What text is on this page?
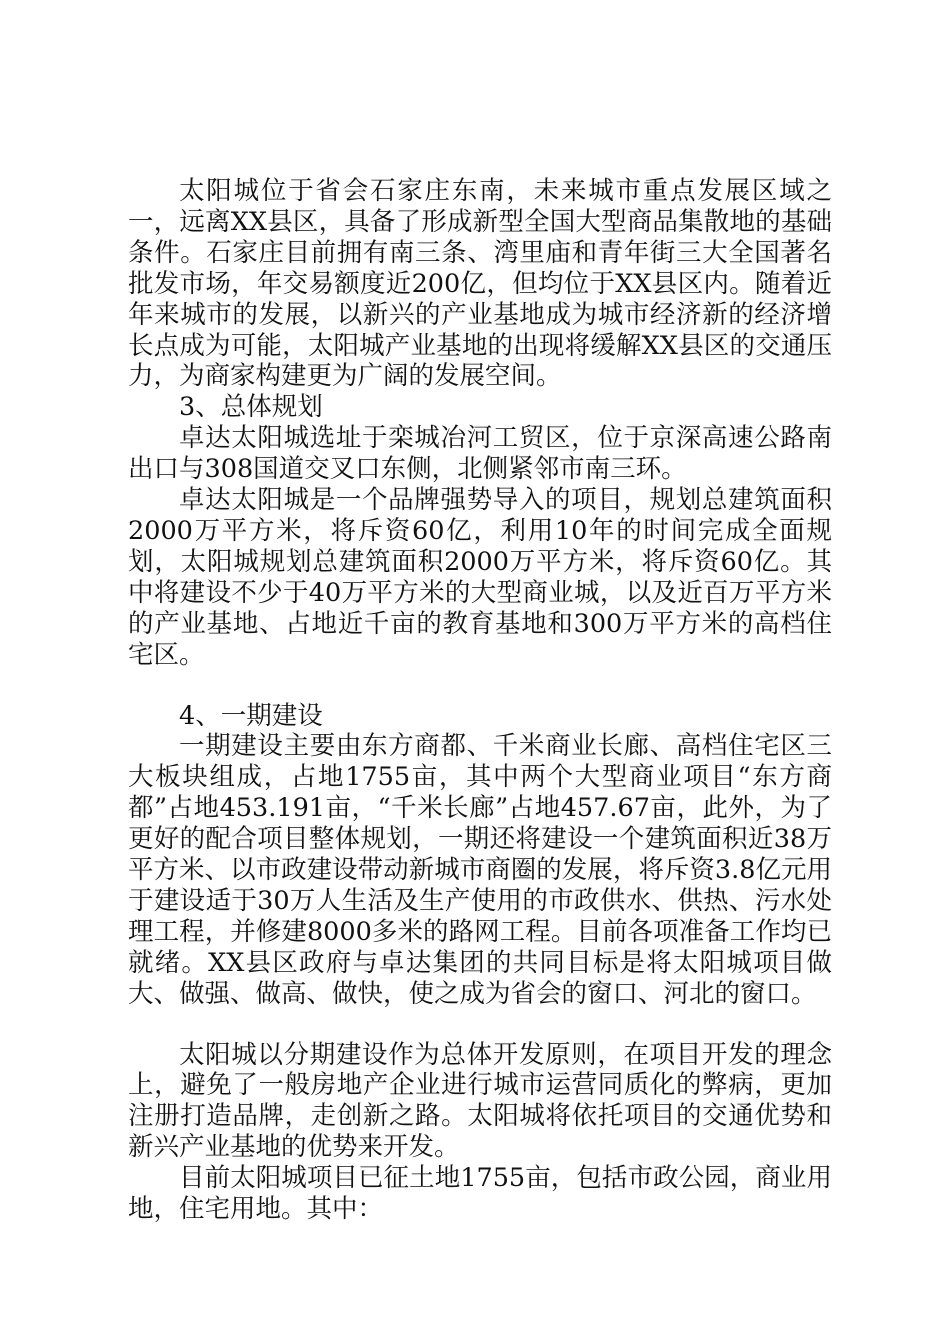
太阳城位于省会石家庄东南，未来城市重点发展区域之一，远离XX县区，具备了形成新型全国大型商品集散地的基础条件。石家庄目前拥有南三条、湾里庙和青年街三大全国著名批发市场，年交易额度近200亿，但均位于XX县区内。随着近年来城市的发展，以新兴的产业基地成为城市经济新的经济增长点成为可能，太阳城产业基地的出现将缓解XX县区的交通压力，为商家构建更为广阔的发展空间。

3、总体规划

卓达太阳城选址于栾城冶河工贸区，位于京深高速公路南出口与308国道交叉口东侧，北侧紧邻市南三环。

卓达太阳城是一个品牌强势导入的项目，规划总建筑面积2000万平方米，将斥资60亿，利用10年的时间完成全面规划，太阳城规划总建筑面积2000万平方米，将斥资60亿。其中将建设不少于40万平方米的大型商业城，以及近百万平方米的产业基地、占地近千亩的教育基地和300万平方米的高档住宅区。

4、一期建设

一期建设主要由东方商都、千米商业长廊、高档住宅区三大板块组成，占地1755亩，其中两个大型商业项目“东方商都”占地453.191亩，“千米长廊”占地457.67亩，此外，为了更好的配合项目整体规划，一期还将建设一个建筑面积近38万平方米、以市政建设带动新城市商圈的发展，将斥资3.8亿元用于建设适于30万人生活及生产使用的市政供水、供热、污水处理工程，并修建8000多米的路网工程。目前各项准备工作均已就绪。XX县区政府与卓达集团的共同目标是将太阳城项目做大、做强、做高、做快，使之成为省会的窗口、河北的窗口。

太阳城以分期建设作为总体开发原则，在项目开发的理念上，避免了一般房地产企业进行城市运营同质化的弊病，更加注册打造品牌，走创新之路。太阳城将依托项目的交通优势和新兴产业基地的优势来开发。

目前太阳城项目已征土地1755亩，包括市政公园，商业用地，住宅用地。其中：
